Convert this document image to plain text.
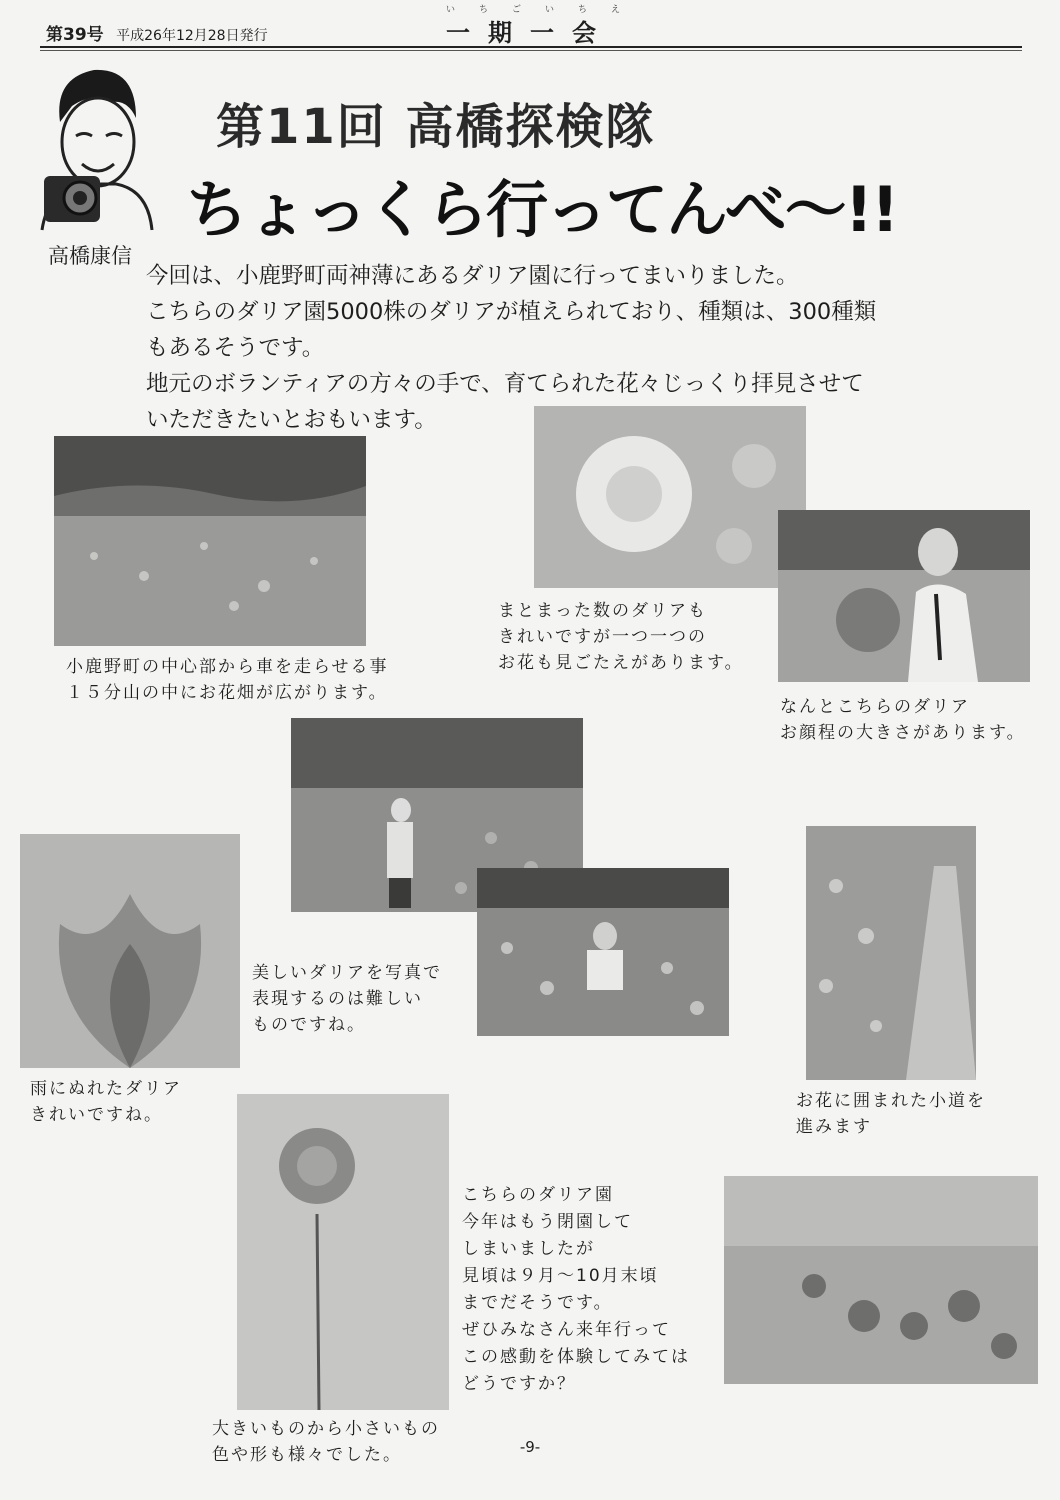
第39号 平成26年12月28日発行
いちごいちえ
一期一会
高橋康信
第11回 高橋探検隊
ちょっくら行ってんべ～!!
今回は、小鹿野町両神薄にあるダリア園に行ってまいりました。
こちらのダリア園5000株のダリアが植えられており、種類は、300種類
もあるそうです。
地元のボランティアの方々の手で、育てられた花々じっくり拝見させて
いただきたいとおもいます。
小鹿野町の中心部から車を走らせる事
１５分山の中にお花畑が広がります。
まとまった数のダリアも
きれいですが一つ一つの
お花も見ごたえがあります。
なんとこちらのダリア
お顔程の大きさがあります。
美しいダリアを写真で
表現するのは難しい
ものですね。
雨にぬれたダリア
きれいですね。
お花に囲まれた小道を
進みます
大きいものから小さいもの
色や形も様々でした。
こちらのダリア園
今年はもう閉園して
しまいましたが
見頃は９月～10月末頃
までだそうです。
ぜひみなさん来年行って
この感動を体験してみては
どうですか？
-9-
